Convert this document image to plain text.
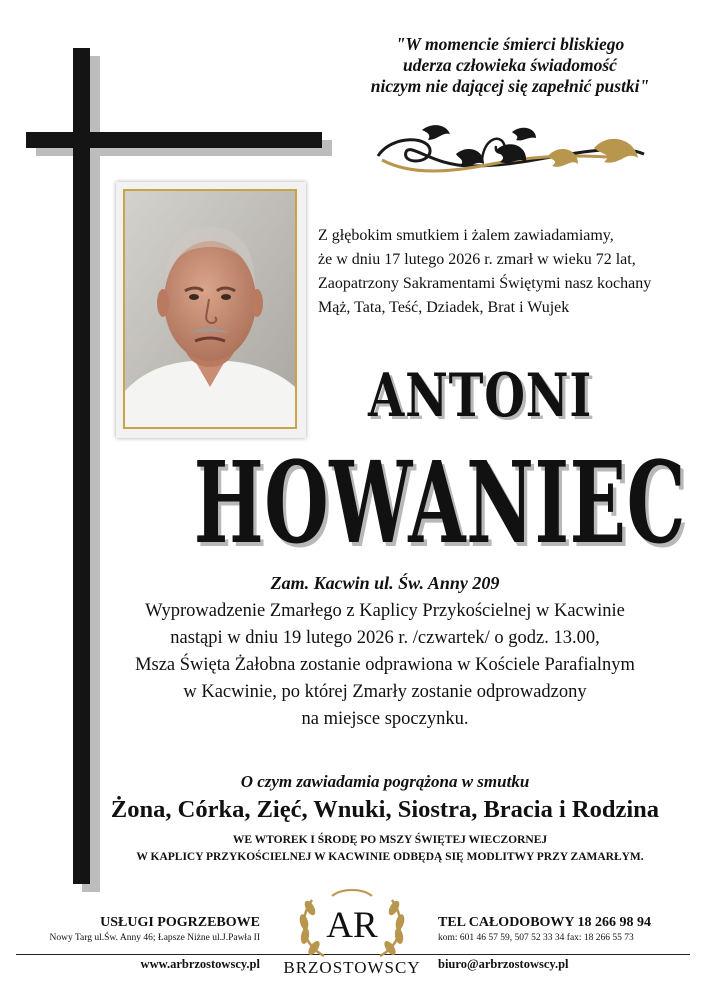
"W momencie śmierci bliskiego
uderza człowieka świadomość
niczym nie dającej się zapełnić pustki"
Z głębokim smutkiem i żalem zawiadamiamy,
że w dniu 17 lutego 2026 r. zmarł w wieku 72 lat,
Zaopatrzony Sakramentami Świętymi nasz kochany
Mąż, Tata, Teść, Dziadek, Brat i Wujek
ANTONI
HOWANIEC
Zam. Kacwin ul. Św. Anny 209
Wyprowadzenie Zmarłego z Kaplicy Przykościelnej w Kacwinie
nastąpi w dniu 19 lutego 2026 r. /czwartek/ o godz. 13.00,
Msza Święta Żałobna zostanie odprawiona w Kościele Parafialnym
w Kacwinie, po której Zmarły zostanie odprowadzony
na miejsce spoczynku.
O czym zawiadamia pogrążona w smutku
Żona, Córka, Zięć, Wnuki, Siostra, Bracia i Rodzina
WE WTOREK I ŚRODĘ PO MSZY ŚWIĘTEJ WIECZORNEJ
W KAPLICY PRZYKOŚCIELNEJ W KACWINIE ODBĘDĄ SIĘ MODLITWY PRZY ZAMARŁYM.
USŁUGI POGRZEBOWE
Nowy Targ ul.Św. Anny 46; Łapsze Niżne ul.J.Pawła II
www.arbrzostowscy.pl
AR
BRZOSTOWSCY
TEL CAŁODOBOWY 18 266 98 94
kom: 601 46 57 59, 507 52 33 34 fax: 18 266 55 73
biuro@arbrzostowscy.pl
